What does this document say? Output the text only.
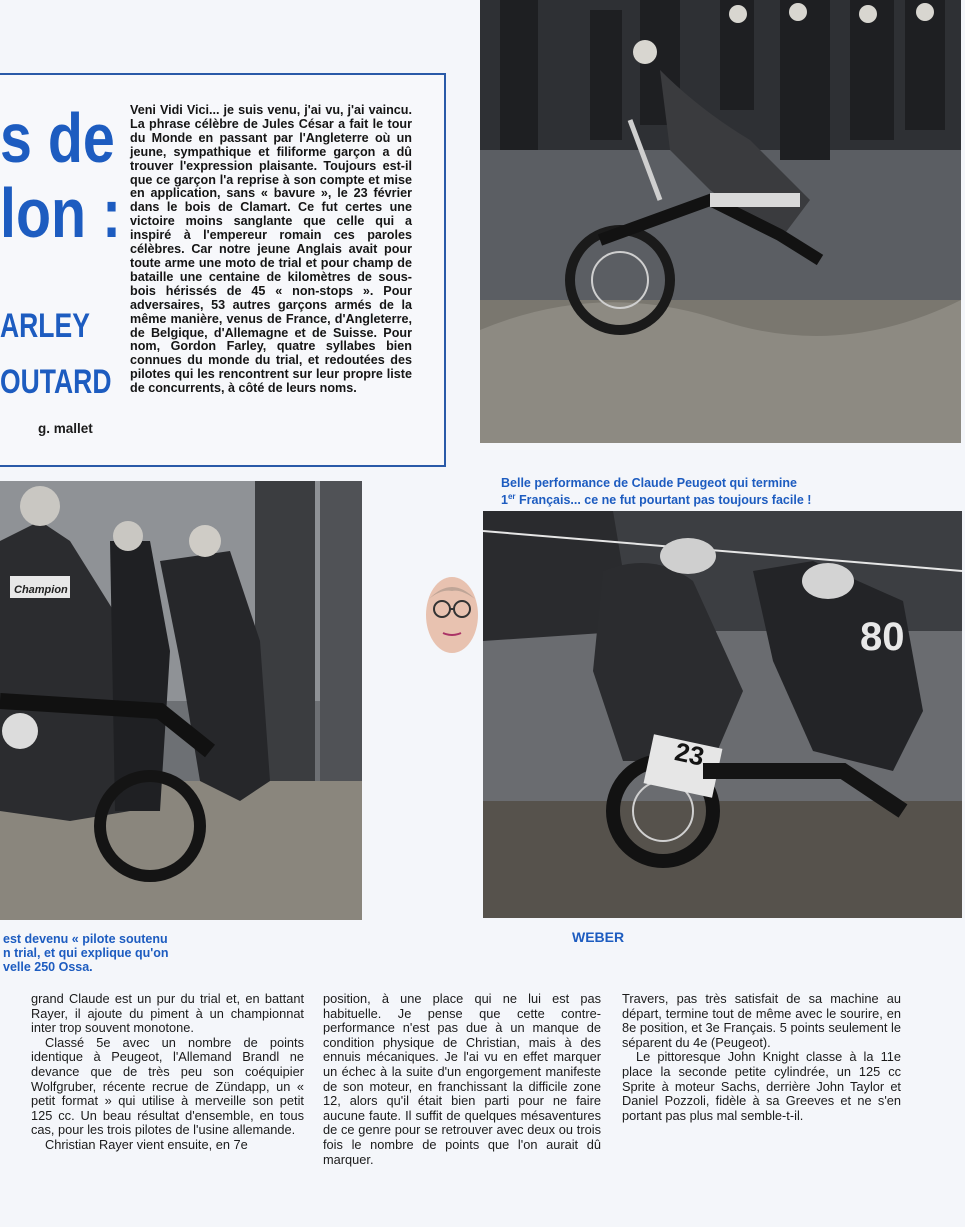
s de
lon :
ARLEY
OUTARD

g. mallet

Veni Vidi Vici... je suis venu, j'ai vu, j'ai vaincu. La phrase célèbre de Jules César a fait le tour du Monde en passant par l'Angleterre où un jeune, sympathique et filiforme garçon a dû trouver l'expression plaisante. Toujours est-il que ce garçon l'a reprise à son compte et mise en application, sans « bavure », le 23 février dans le bois de Clamart. Ce fut certes une victoire moins sanglante que celle qui a inspiré à l'empereur romain ces paroles célèbres. Car notre jeune Anglais avait pour toute arme une moto de trial et pour champ de bataille une centaine de kilomètres de sous-bois hérissés de 45 « non-stops ». Pour adversaires, 53 autres garçons armés de la même manière, venus de France, d'Angleterre, de Belgique, d'Allemagne et de Suisse. Pour nom, Gordon Farley, quatre syllabes bien connues du monde du trial, et redoutées des pilotes qui les rencontrent sur leur propre liste de concurrents, à côté de leurs noms.

Belle performance de Claude Peugeot qui termine
1er Français... ce ne fut pourtant pas toujours facile !

Champion
80
23

est devenu « pilote soutenu
n trial, et qui explique qu'on
velle 250 Ossa.

WEBER

grand Claude est un pur du trial et, en battant Rayer, il ajoute du piment à un championnat inter trop souvent monotone.

Classé 5e avec un nombre de points identique à Peugeot, l'Allemand Brandl ne devance que de très peu son coéquipier Wolfgruber, récente recrue de Zündapp, un « petit format » qui utilise à merveille son petit 125 cc. Un beau résultat d'ensemble, en tous cas, pour les trois pilotes de l'usine allemande.

Christian Rayer vient ensuite, en 7e

position, à une place qui ne lui est pas habituelle. Je pense que cette contre-performance n'est pas due à un manque de condition physique de Christian, mais à des ennuis mécaniques. Je l'ai vu en effet marquer un échec à la suite d'un engorgement manifeste de son moteur, en franchissant la difficile zone 12, alors qu'il était bien parti pour ne faire aucune faute. Il suffit de quelques mésaventures de ce genre pour se retrouver avec deux ou trois fois le nombre de points que l'on aurait dû marquer.

Travers, pas très satisfait de sa machine au départ, termine tout de même avec le sourire, en 8e position, et 3e Français. 5 points seulement le séparent du 4e (Peugeot).

Le pittoresque John Knight classe à la 11e place la seconde petite cylindrée, un 125 cc Sprite à moteur Sachs, derrière John Taylor et Daniel Pozzoli, fidèle à sa Greeves et ne s'en portant pas plus mal semble-t-il.
